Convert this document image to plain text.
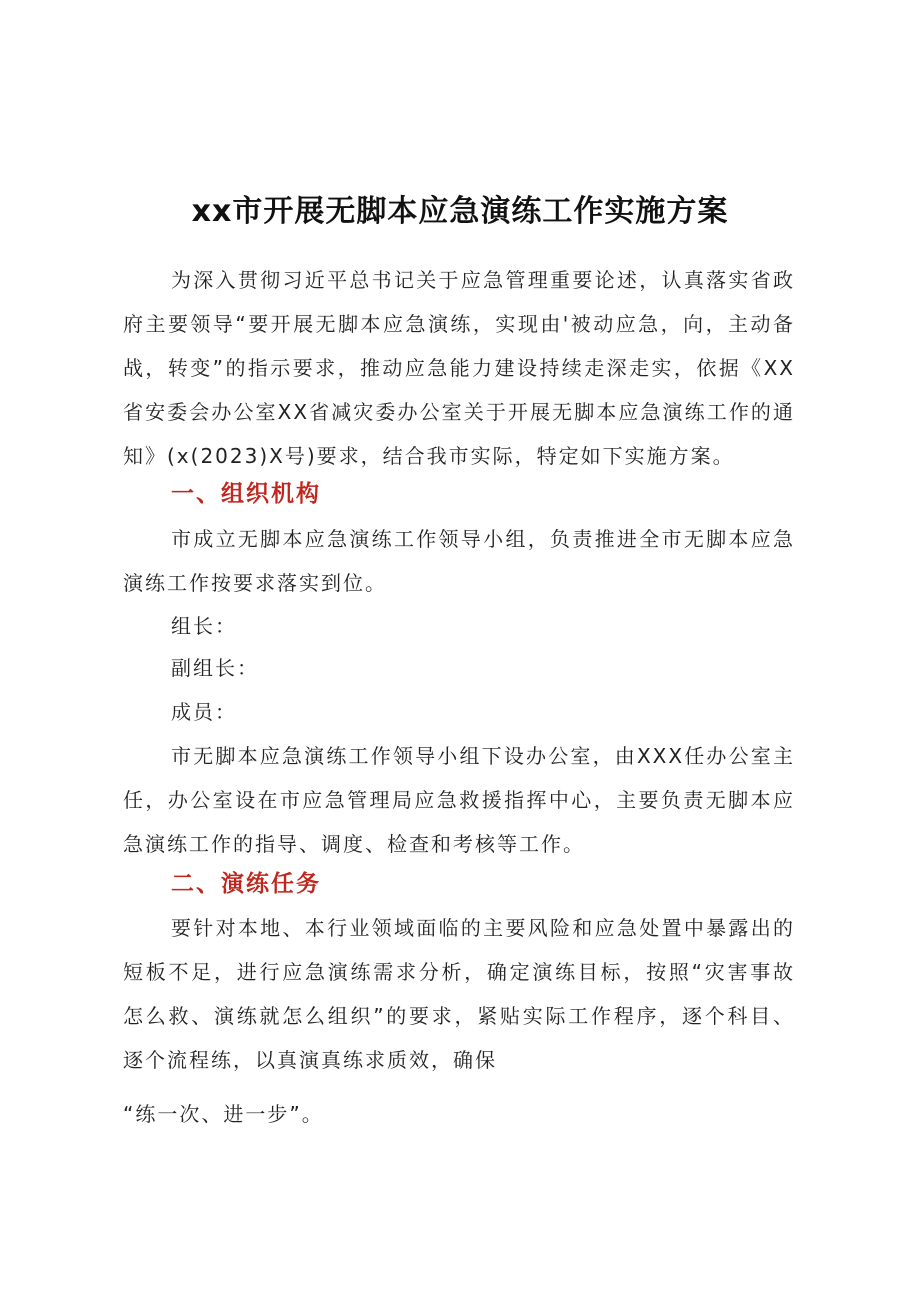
xx市开展无脚本应急演练工作实施方案

为深入贯彻习近平总书记关于应急管理重要论述，认真落实省政府主要领导“要开展无脚本应急演练，实现由'被动应急，向，主动备战，转变”的指示要求，推动应急能力建设持续走深走实，依据《XX省安委会办公室XX省减灾委办公室关于开展无脚本应急演练工作的通知》(x(2023)X号)要求，结合我市实际，特定如下实施方案。

一、组织机构

市成立无脚本应急演练工作领导小组，负责推进全市无脚本应急演练工作按要求落实到位。

组长：

副组长：

成员：

市无脚本应急演练工作领导小组下设办公室，由XXX任办公室主任，办公室设在市应急管理局应急救援指挥中心，主要负责无脚本应急演练工作的指导、调度、检查和考核等工作。

二、演练任务

要针对本地、本行业领域面临的主要风险和应急处置中暴露出的短板不足，进行应急演练需求分析，确定演练目标，按照“灾害事故怎么救、演练就怎么组织”的要求，紧贴实际工作程序，逐个科目、逐个流程练，以真演真练求质效，确保

“练一次、进一步”。
